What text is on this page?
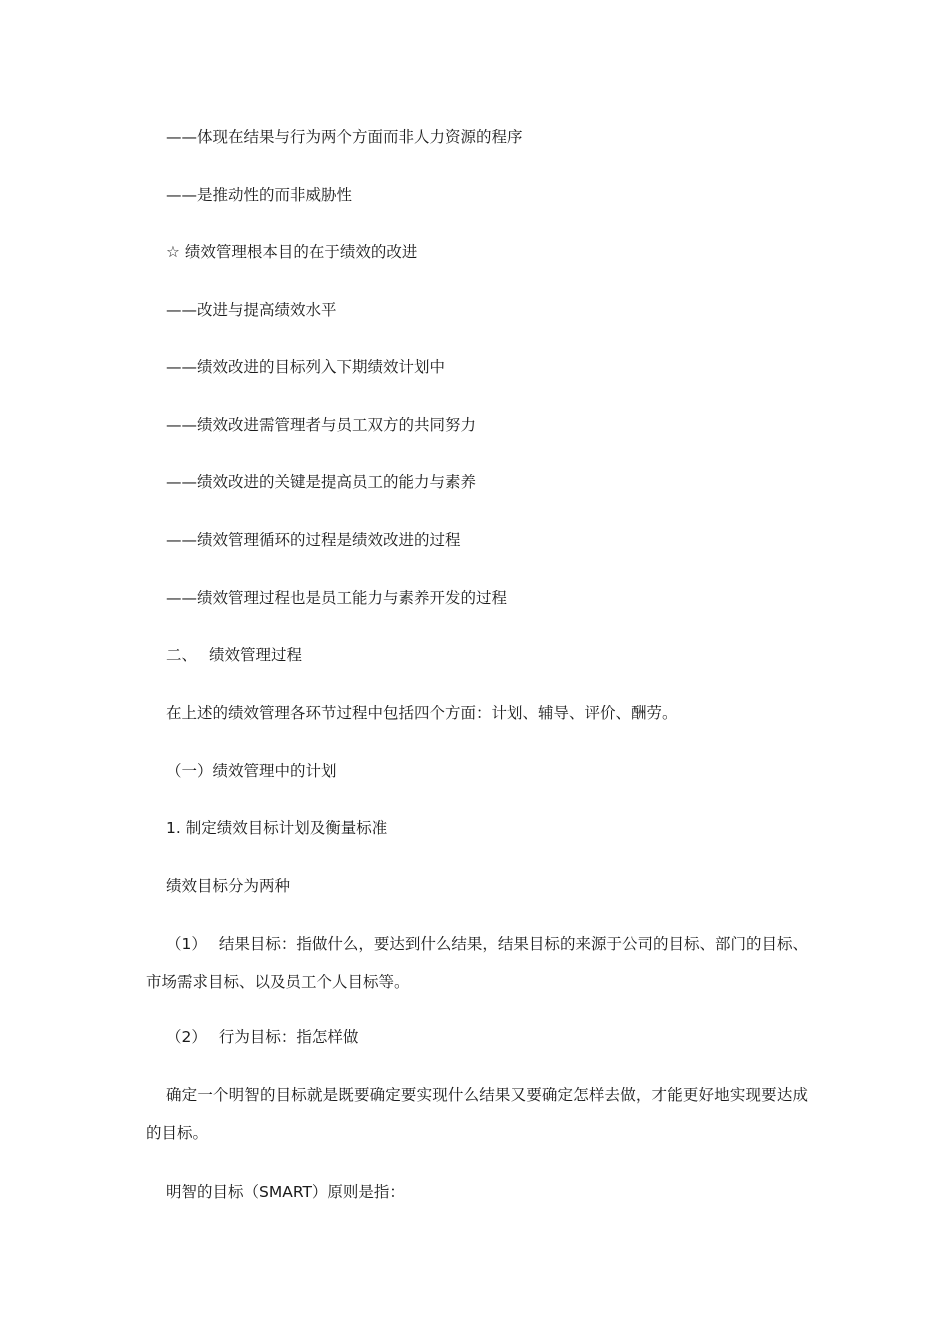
——体现在结果与行为两个方面而非人力资源的程序
——是推动性的而非威胁性
☆ 绩效管理根本目的在于绩效的改进
——改进与提高绩效水平
——绩效改进的目标列入下期绩效计划中
——绩效改进需管理者与员工双方的共同努力
——绩效改进的关键是提高员工的能力与素养
——绩效管理循环的过程是绩效改进的过程
——绩效管理过程也是员工能力与素养开发的过程
二、 绩效管理过程
在上述的绩效管理各环节过程中包括四个方面：计划、辅导、评价、酬劳。
（一）绩效管理中的计划
1. 制定绩效目标计划及衡量标准
绩效目标分为两种
（1） 结果目标：指做什么，要达到什么结果，结果目标的来源于公司的目标、部门的目标、市场需求目标、以及员工个人目标等。
（2） 行为目标：指怎样做
确定一个明智的目标就是既要确定要实现什么结果又要确定怎样去做，才能更好地实现要达成的目标。
明智的目标（SMART）原则是指：
